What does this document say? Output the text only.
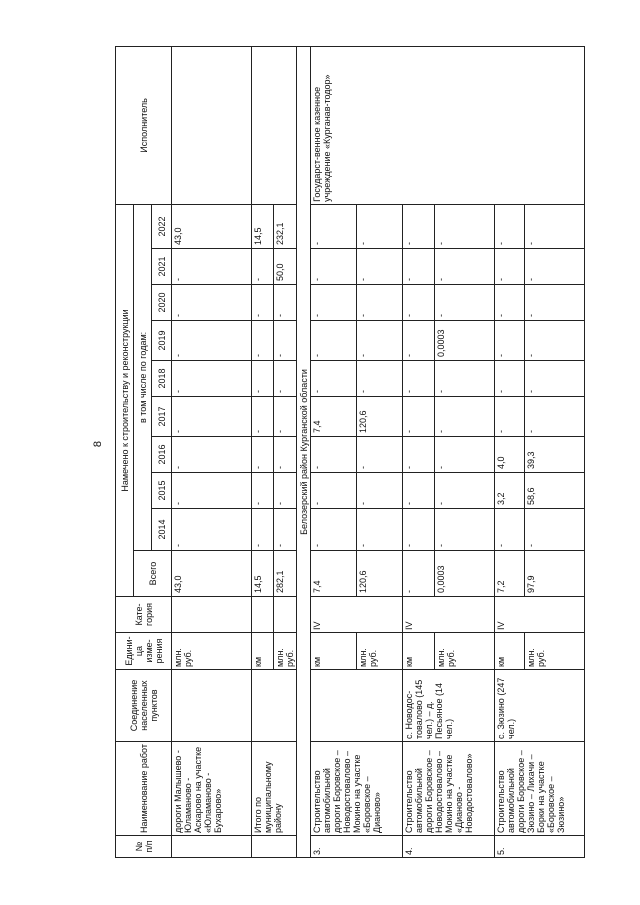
8
№ п/п	Наименование работ	Соединение населенных пунктов	Едини-ца изме-рения	Кате-гория	Намечено к строительству и реконструкции										Исполнитель
					Всего	в том числе по годам:									
						2014	2015	2016	2017	2018	2019	2020	2021	2022	
	дороги Малышево - Юламаново - Аскарово на участке «Юламаново - Бухарово»		млн. руб.		43,0	-	-	-	-	-	-	-	-	43,0	
	Итого по муниципальному району		км		14,5	-	-	-	-	-	-	-	-	14,5	
			млн. руб.		282,1	-	-	-	-	-	-	-	50,0	232,1	
Белозерский район Курганской области															
3.	Строительство автомобильной дороги Боровское – Новодостовалово – Мокино на участке «Боровское – Диановo»		км	IV	7,4	-	-	-	7,4	-	-	-	-	-	Государст-венное казенное учреждение «Курганав-тодор»
			млн. руб.		120,6	-	-	-	120,6	-	-	-	-	-	
4.	Строительство автомобильной дороги Боровское – Новодостовалово – Мокино на участке «Диановo - Новодостовалово»	с. Новодос-товалово (145 чел.) – д. Песьяное (14 чел.)	км	IV	-	-	-	-	-	-	-	-	-	-	
			млн. руб.		0,0003	-	-	-	-	-	0,0003	-	-	-	
5.	Строительство автомобильной дороги Боровское – Зюзино – Лихачи – Борки на участке «Боровское – Зюзино»	с. Зюзино (247 чел.)	км	IV	7,2	-	3,2	4,0	-	-	-	-	-	-	
			млн. руб.		97,9	-	58,6	39,3	-	-	-	-	-	-	
